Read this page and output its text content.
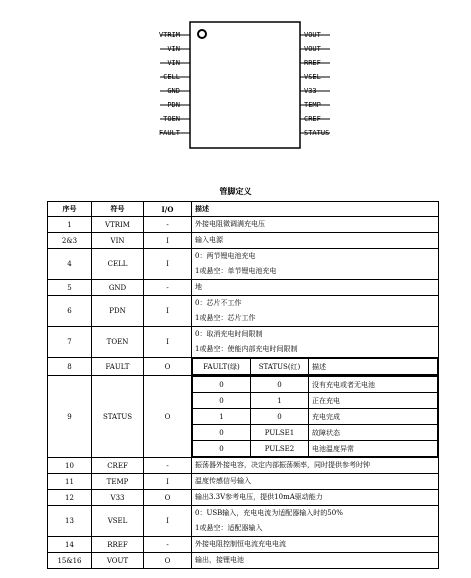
VTRIM
VIN
VIN
CELL
GND
PDN
TOEN
FAULT
VOUT
VOUT
RREF
VSEL
V33
TEMP
CREF
STATUS
管脚定义
序号	符号	I/O	描述
1	VTRIM	-	外接电阻微调满充电压

2&3	VIN	I	输入电源

4	CELL	I	
0：两节锂电池充电
1或悬空：单节锂电池充电

5	GND	-	地

6	PDN	I	
0：芯片不工作
1或悬空：芯片工作

7	TOEN	I	
0：取消充电时间限制
1或悬空：使能内部充电时间限制

8	FAULT	O		FAULT(绿)	STATUS(红)	描述

9	STATUS	O	
0	0	没有充电或者无电池
0	1	正在充电
1	0	充电完成
0	PULSE1	故障状态
0	PULSE2	电池温度异常

10	CREF	-	振荡器外接电容，决定内部振荡频率，同时提供参考时钟

11	TEMP	I	温度传感信号输入

12	V33	O	输出3.3V参考电压，提供10mA驱动能力

13	VSEL	I	
0：USB输入，充电电流为适配器输入时的50%
1或悬空：适配器输入

14	RREF	-	外接电阻控制恒电流充电电流

15&16	VOUT	O	输出，接锂电池
